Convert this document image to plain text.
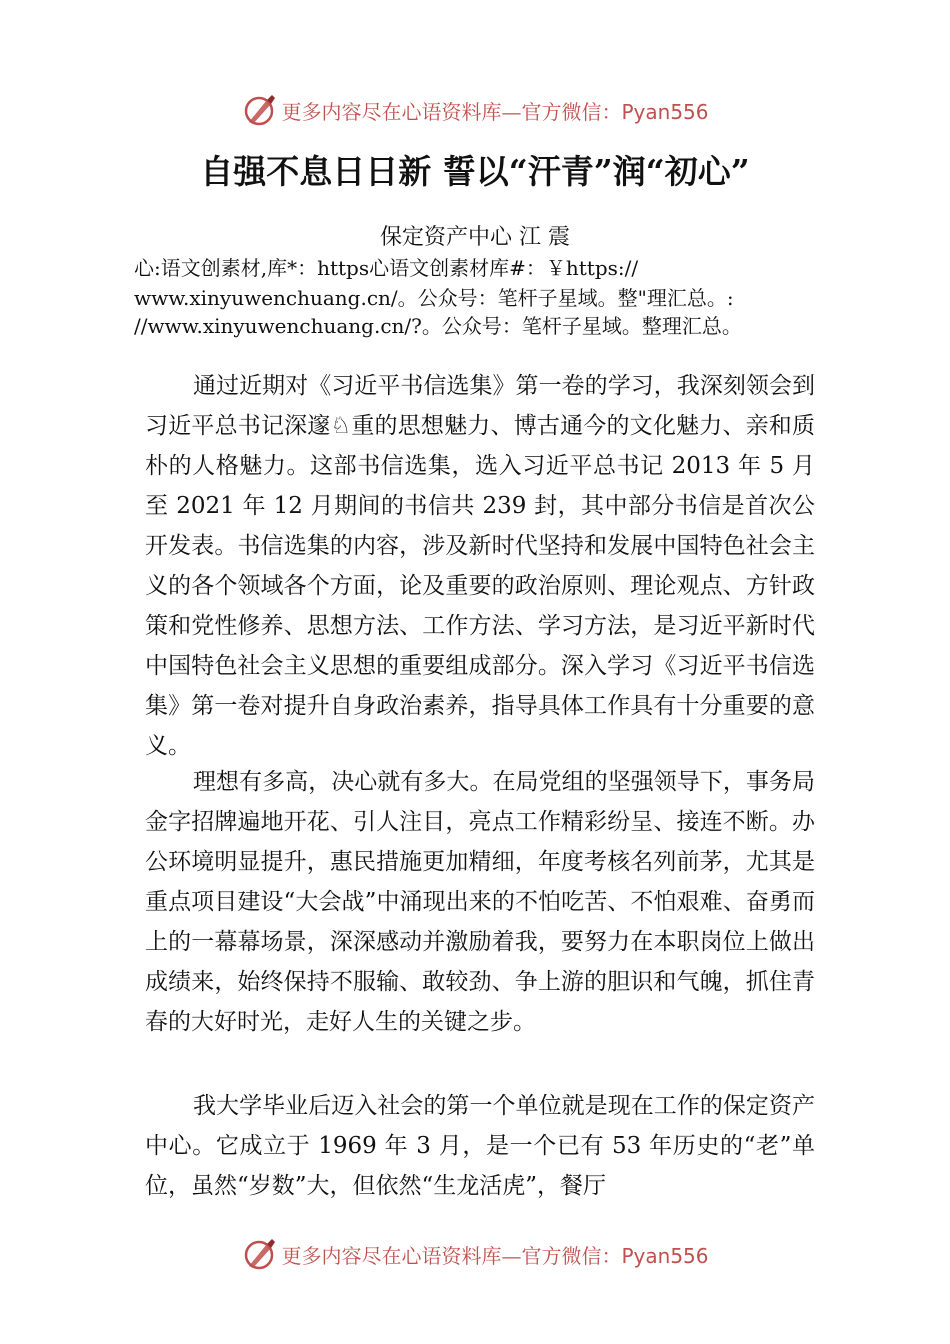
更多内容尽在心语资料库—官方微信：Pyan556
自强不息日日新 誓以“汗青”润“初心”
保定资产中心 江 震
心:语文创素材,库*：https心语文创素材库#：￥https://
www.xinyuwenchuang.cn/。公众号：笔杆子星域。整"理汇总。:
//www.xinyuwenchuang.cn/?。公众号：笔杆子星域。整理汇总。

通过近期对《习近平书信选集》第一卷的学习，我深刻领会到习近平总书记深邃♘重的思想魅力、博古通今的文化魅力、亲和质朴的人格魅力。这部书信选集，选入习近平总书记 2013 年 5 月至 2021 年 12 月期间的书信共 239 封，其中部分书信是首次公开发表。书信选集的内容，涉及新时代坚持和发展中国特色社会主义的各个领域各个方面，论及重要的政治原则、理论观点、方针政策和党性修养、思想方法、工作方法、学习方法，是习近平新时代中国特色社会主义思想的重要组成部分。深入学习《习近平书信选集》第一卷对提升自身政治素养，指导具体工作具有十分重要的意义。

理想有多高，决心就有多大。在局党组的坚强领导下，事务局金字招牌遍地开花、引人注目，亮点工作精彩纷呈、接连不断。办公环境明显提升，惠民措施更加精细，年度考核名列前茅，尤其是重点项目建设“大会战”中涌现出来的不怕吃苦、不怕艰难、奋勇而上的一幕幕场景，深深感动并激励着我，要努力在本职岗位上做出成绩来，始终保持不服输、敢较劲、争上游的胆识和气魄，抓住青春的大好时光，走好人生的关键之步。

我大学毕业后迈入社会的第一个单位就是现在工作的保定资产中心。它成立于 1969 年 3 月，是一个已有 53 年历史的“老”单位，虽然“岁数”大，但依然“生龙活虎”，餐厅

更多内容尽在心语资料库—官方微信：Pyan556
